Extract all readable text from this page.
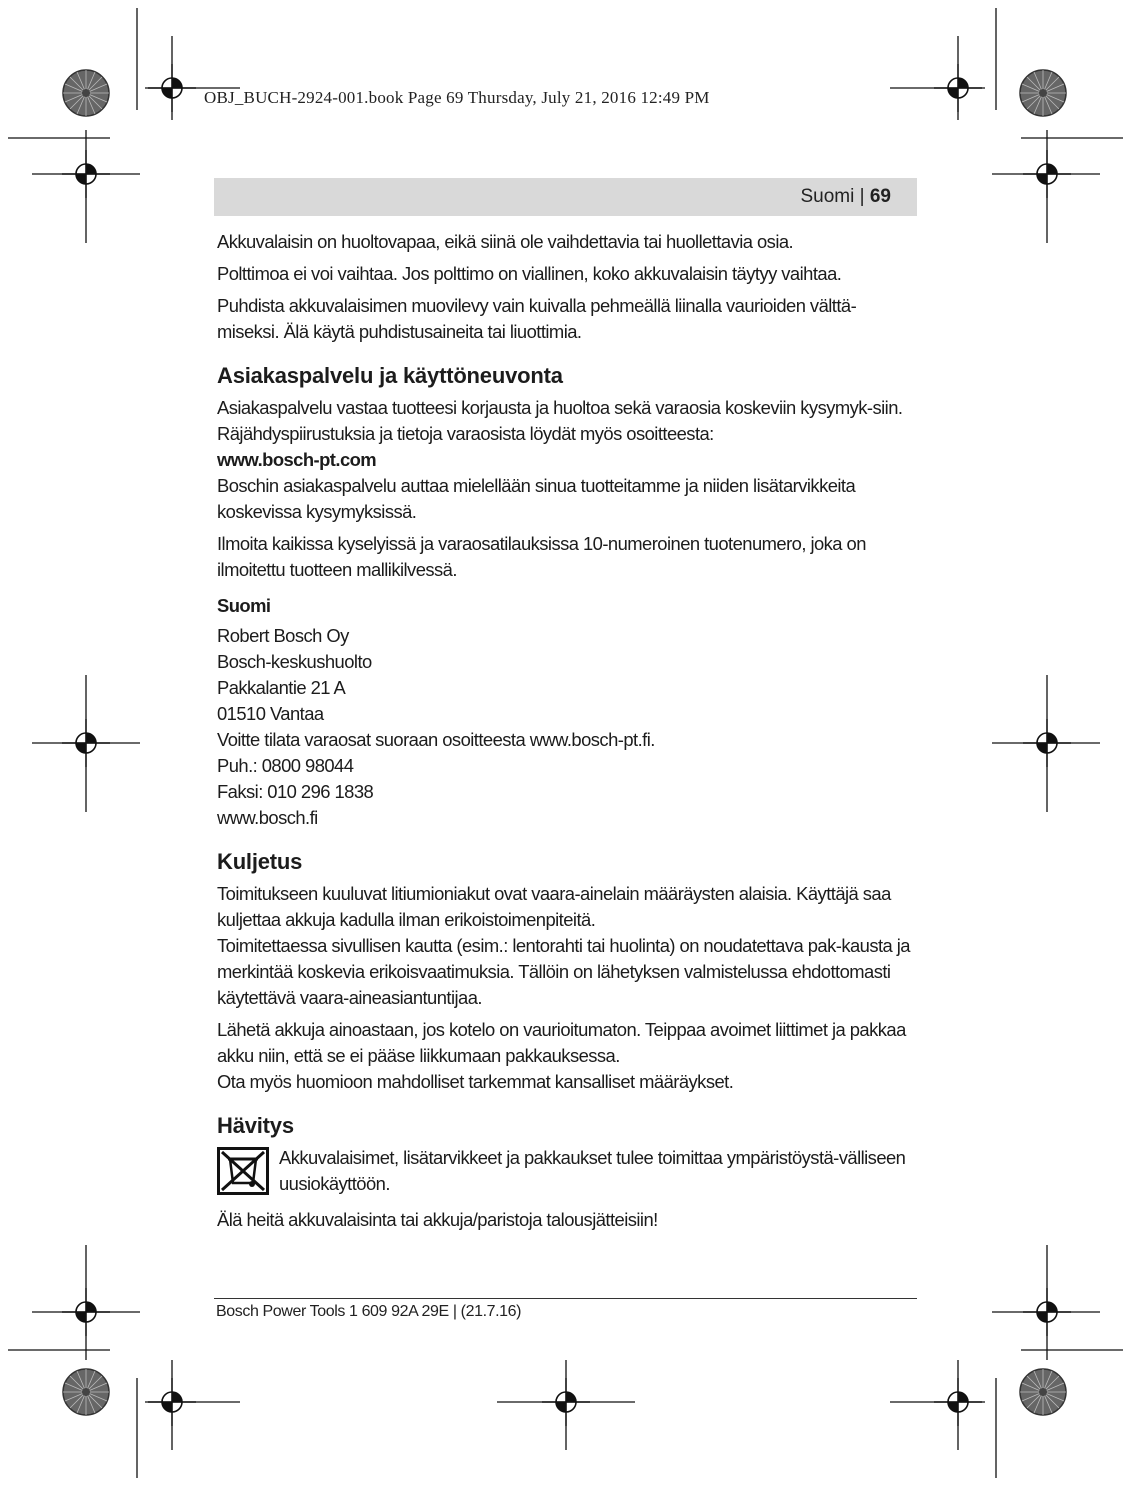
OBJ_BUCH-2924-001.book Page 69 Thursday, July 21, 2016 12:49 PM
Suomi | 69

Akkuvalaisin on huoltovapaa, eikä siinä ole vaihdettavia tai huollettavia osia.

Polttimoa ei voi vaihtaa. Jos polttimo on viallinen, koko akkuvalaisin täytyy vaihtaa.

Puhdista akkuvalaisimen muovilevy vain kuivalla pehmeällä liinalla vaurioiden välttä-miseksi. Älä käytä puhdistusaineita tai liuottimia.

Asiakaspalvelu ja käyttöneuvonta
Asiakaspalvelu vastaa tuotteesi korjausta ja huoltoa sekä varaosia koskeviin kysymyk-siin. Räjähdyspiirustuksia ja tietoja varaosista löydät myös osoitteesta:
www.bosch-pt.com

Boschin asiakaspalvelu auttaa mielellään sinua tuotteitamme ja niiden lisätarvikkeita koskevissa kysymyksissä.

Ilmoita kaikissa kyselyissä ja varaosatilauksissa 10-numeroinen tuotenumero, joka on ilmoitettu tuotteen mallikilvessä.

Suomi
Robert Bosch Oy
Bosch-keskushuolto
Pakkalantie 21 A
01510 Vantaa
Voitte tilata varaosat suoraan osoitteesta www.bosch-pt.fi.
Puh.: 0800 98044
Faksi: 010 296 1838
www.bosch.fi
Kuljetus
Toimitukseen kuuluvat litiumioniakut ovat vaara-ainelain määräysten alaisia. Käyttäjä saa kuljettaa akkuja kadulla ilman erikoistoimenpiteitä.

Toimitettaessa sivullisen kautta (esim.: lentorahti tai huolinta) on noudatettava pak-kausta ja merkintää koskevia erikoisvaatimuksia. Tällöin on lähetyksen valmistelussa ehdottomasti käytettävä vaara-aineasiantuntijaa.

Lähetä akkuja ainoastaan, jos kotelo on vaurioitumaton. Teippaa avoimet liittimet ja pakkaa akku niin, että se ei pääse liikkumaan pakkauksessa.

Ota myös huomioon mahdolliset tarkemmat kansalliset määräykset.

Hävitys
Akkuvalaisimet, lisätarvikkeet ja pakkaukset tulee toimittaa ympäristöystä-välliseen uusiokäyttöön.

Älä heitä akkuvalaisinta tai akkuja/paristoja talousjätteisiin!

Bosch Power Tools 1 609 92A 29E | (21.7.16)
